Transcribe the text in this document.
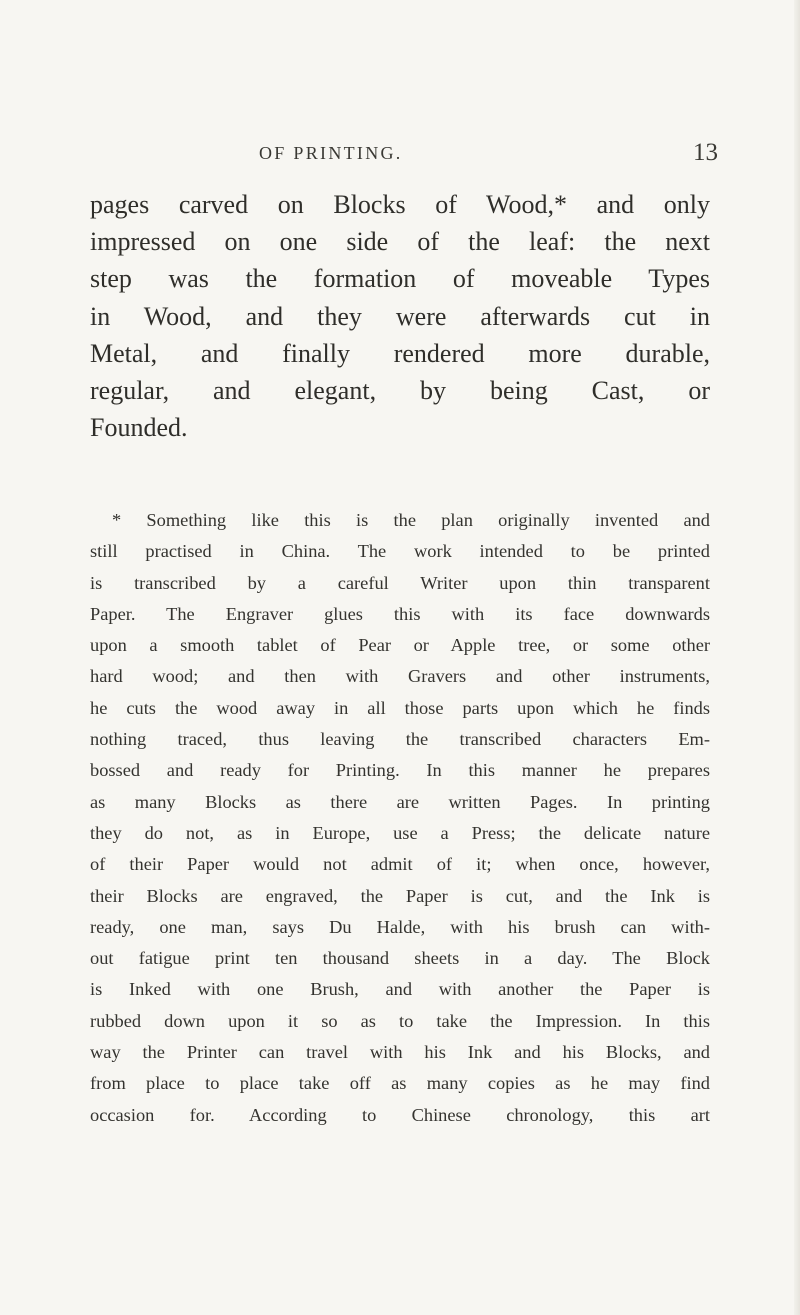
OF PRINTING.	13
pages carved on Blocks of Wood,* and only
impressed on one side of the leaf: the next
step was the formation of moveable Types
in Wood, and they were afterwards cut in
Metal, and finally rendered more durable,
regular, and elegant, by being Cast, or
Founded.
* Something like this is the plan originally invented and
still practised in China. The work intended to be printed
is transcribed by a careful Writer upon thin transparent
Paper. The Engraver glues this with its face downwards
upon a smooth tablet of Pear or Apple tree, or some other
hard wood; and then with Gravers and other instruments,
he cuts the wood away in all those parts upon which he finds
nothing traced, thus leaving the transcribed characters Em-
bossed and ready for Printing. In this manner he prepares
as many Blocks as there are written Pages. In printing
they do not, as in Europe, use a Press; the delicate nature
of their Paper would not admit of it; when once, however,
their Blocks are engraved, the Paper is cut, and the Ink is
ready, one man, says Du Halde, with his brush can with-
out fatigue print ten thousand sheets in a day. The Block
is Inked with one Brush, and with another the Paper is
rubbed down upon it so as to take the Impression. In this
way the Printer can travel with his Ink and his Blocks, and
from place to place take off as many copies as he may find
occasion for. According to Chinese chronology, this art
